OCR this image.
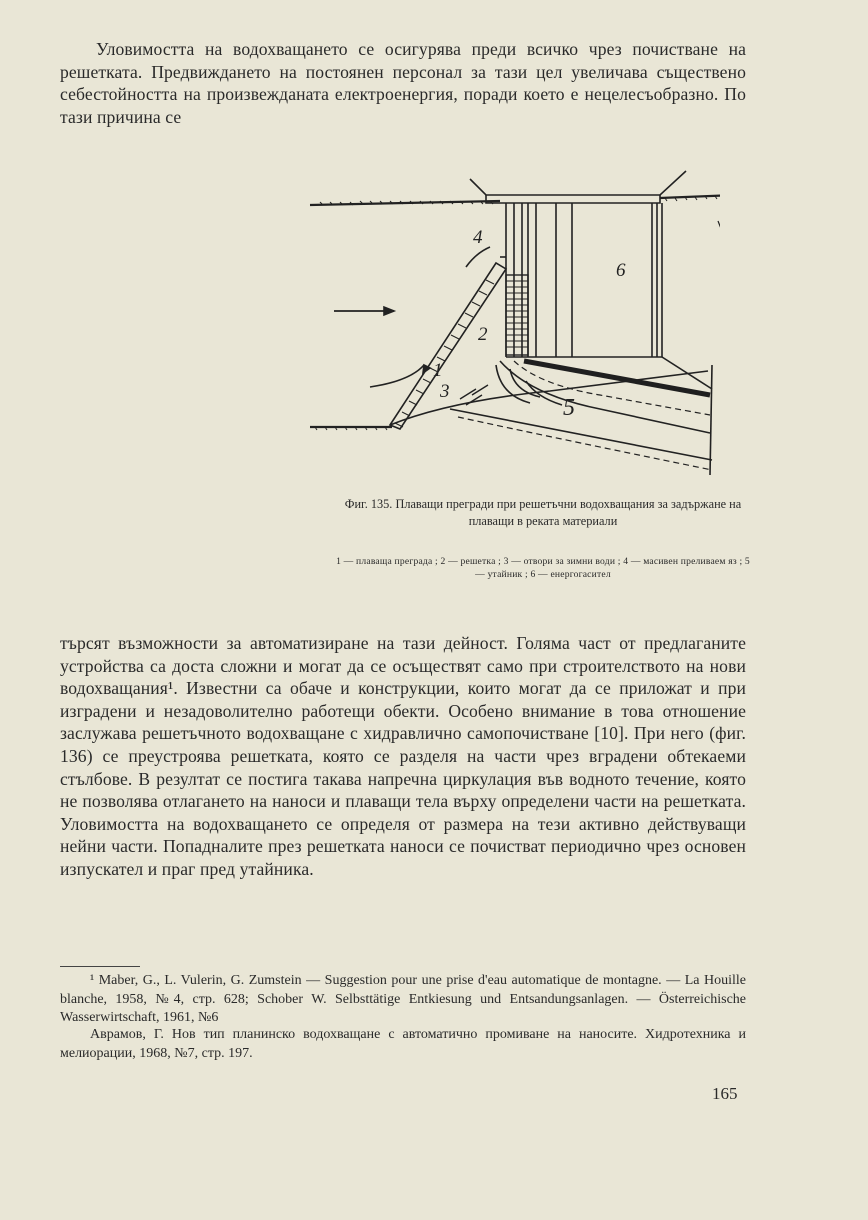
Уловимостта на водохващането се осигурява преди всичко чрез почистване на решетката. Предвиждането на постоянен персонал за тази цел увеличава съществено себестойността на произвежданата електроенергия, поради което е нецелесъобразно. По тази причина се

1
2
3
4
5
6

Фиг. 135. Плаващи прегради при решетъчни водохващания за задържане на плаващи в реката материали

1 — плаваща преграда ; 2 — решетка ; 3 — отвори за зимни води ; 4 — масивен преливаем яз ; 5 — утайник ; 6 — енергогасител

търсят възможности за автоматизиране на тази дейност. Голяма част от предлаганите устройства са доста сложни и могат да се осъществят само при строителството на нови водохващания¹. Известни са обаче и конструкции, които могат да се приложат и при изградени и незадоволително работещи обекти. Особено внимание в това отношение заслужава решетъчното водохващане с хидравлично самопочистване [10]. При него (фиг. 136) се преустроява решетката, която се разделя на части чрез вградени обтекаеми стълбове. В резултат се постига такава напречна циркулация във водното течение, която не позволява отлагането на наноси и плаващи тела върху определени части на решетката. Уловимостта на водохващането се определя от размера на тези активно действуващи нейни части. Попадналите през решетката наноси се почистват периодично чрез основен изпускател и праг пред утайника.

¹ Maber, G., L. Vulerin, G. Zumstein — Suggestion pour une prise d'eau automatique de montagne. — La Houille blanche, 1958, №4, стр. 628; Schober W. Selbsttätige Entkiesung und Entsandungsanlagen. — Österreichische Wasserwirtschaft, 1961, №6

Аврамов, Г. Нов тип планинско водохващане с автоматично промиване на наносите. Хидротехника и мелиорации, 1968, №7, стр. 197.

165
